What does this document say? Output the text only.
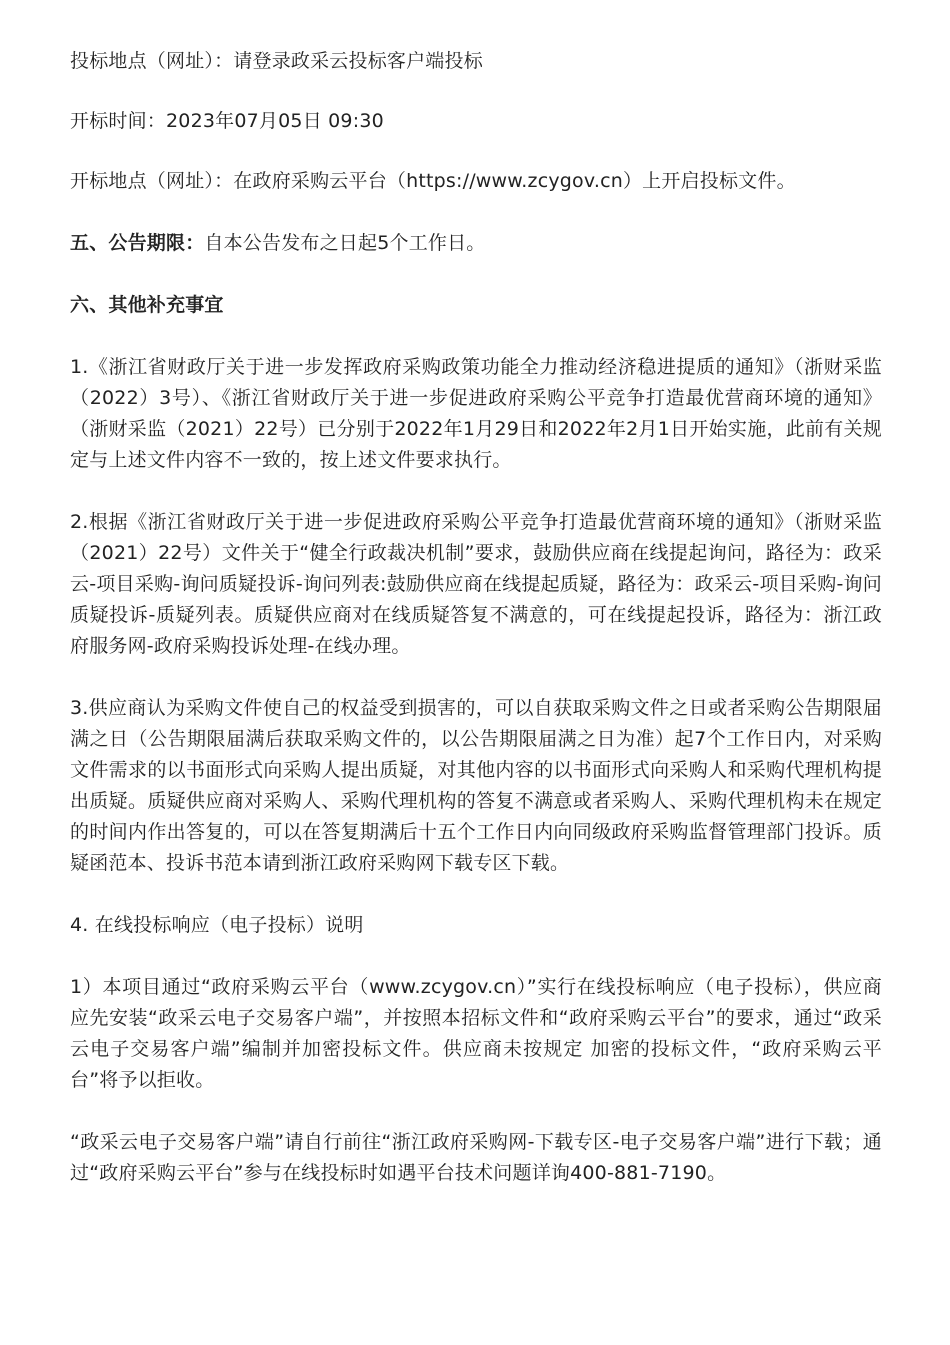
投标地点（网址）：请登录政采云投标客户端投标

开标时间：2023年07月05日 09:30

开标地点（网址）：在政府采购云平台（https://www.zcygov.cn）上开启投标文件。

五、公告期限：自本公告发布之日起5个工作日。

六、其他补充事宜

1.《浙江省财政厅关于进一步发挥政府采购政策功能全力推动经济稳进提质的通知》（浙财采监（2022）3号）、《浙江省财政厅关于进一步促进政府采购公平竞争打造最优营商环境的通知》（浙财采监（2021）22号）已分别于2022年1月29日和2022年2月1日开始实施，此前有关规定与上述文件内容不一致的，按上述文件要求执行。

2.根据《浙江省财政厅关于进一步促进政府采购公平竞争打造最优营商环境的通知》（浙财采监（2021）22号）文件关于“健全行政裁决机制”要求，鼓励供应商在线提起询问，路径为：政采云-项目采购-询问质疑投诉-询问列表:鼓励供应商在线提起质疑，路径为：政采云-项目采购-询问质疑投诉-质疑列表。质疑供应商对在线质疑答复不满意的，可在线提起投诉，路径为：浙江政府服务网-政府采购投诉处理-在线办理。

3.供应商认为采购文件使自己的权益受到损害的，可以自获取采购文件之日或者采购公告期限届满之日（公告期限届满后获取采购文件的，以公告期限届满之日为准）起7个工作日内，对采购文件需求的以书面形式向采购人提出质疑，对其他内容的以书面形式向采购人和采购代理机构提出质疑。质疑供应商对采购人、采购代理机构的答复不满意或者采购人、采购代理机构未在规定的时间内作出答复的，可以在答复期满后十五个工作日内向同级政府采购监督管理部门投诉。质疑函范本、投诉书范本请到浙江政府采购网下载专区下载。

4. 在线投标响应（电子投标）说明

1）本项目通过“政府采购云平台（www.zcygov.cn）”实行在线投标响应（电子投标），供应商应先安装“政采云电子交易客户端”，并按照本招标文件和“政府采购云平台”的要求，通过“政采云电子交易客户端”编制并加密投标文件。供应商未按规定 加密的投标文件，“政府采购云平台”将予以拒收。

“政采云电子交易客户端”请自行前往“浙江政府采购网-下载专区-电子交易客户端”进行下载；通过“政府采购云平台”参与在线投标时如遇平台技术问题详询400-881-7190。
